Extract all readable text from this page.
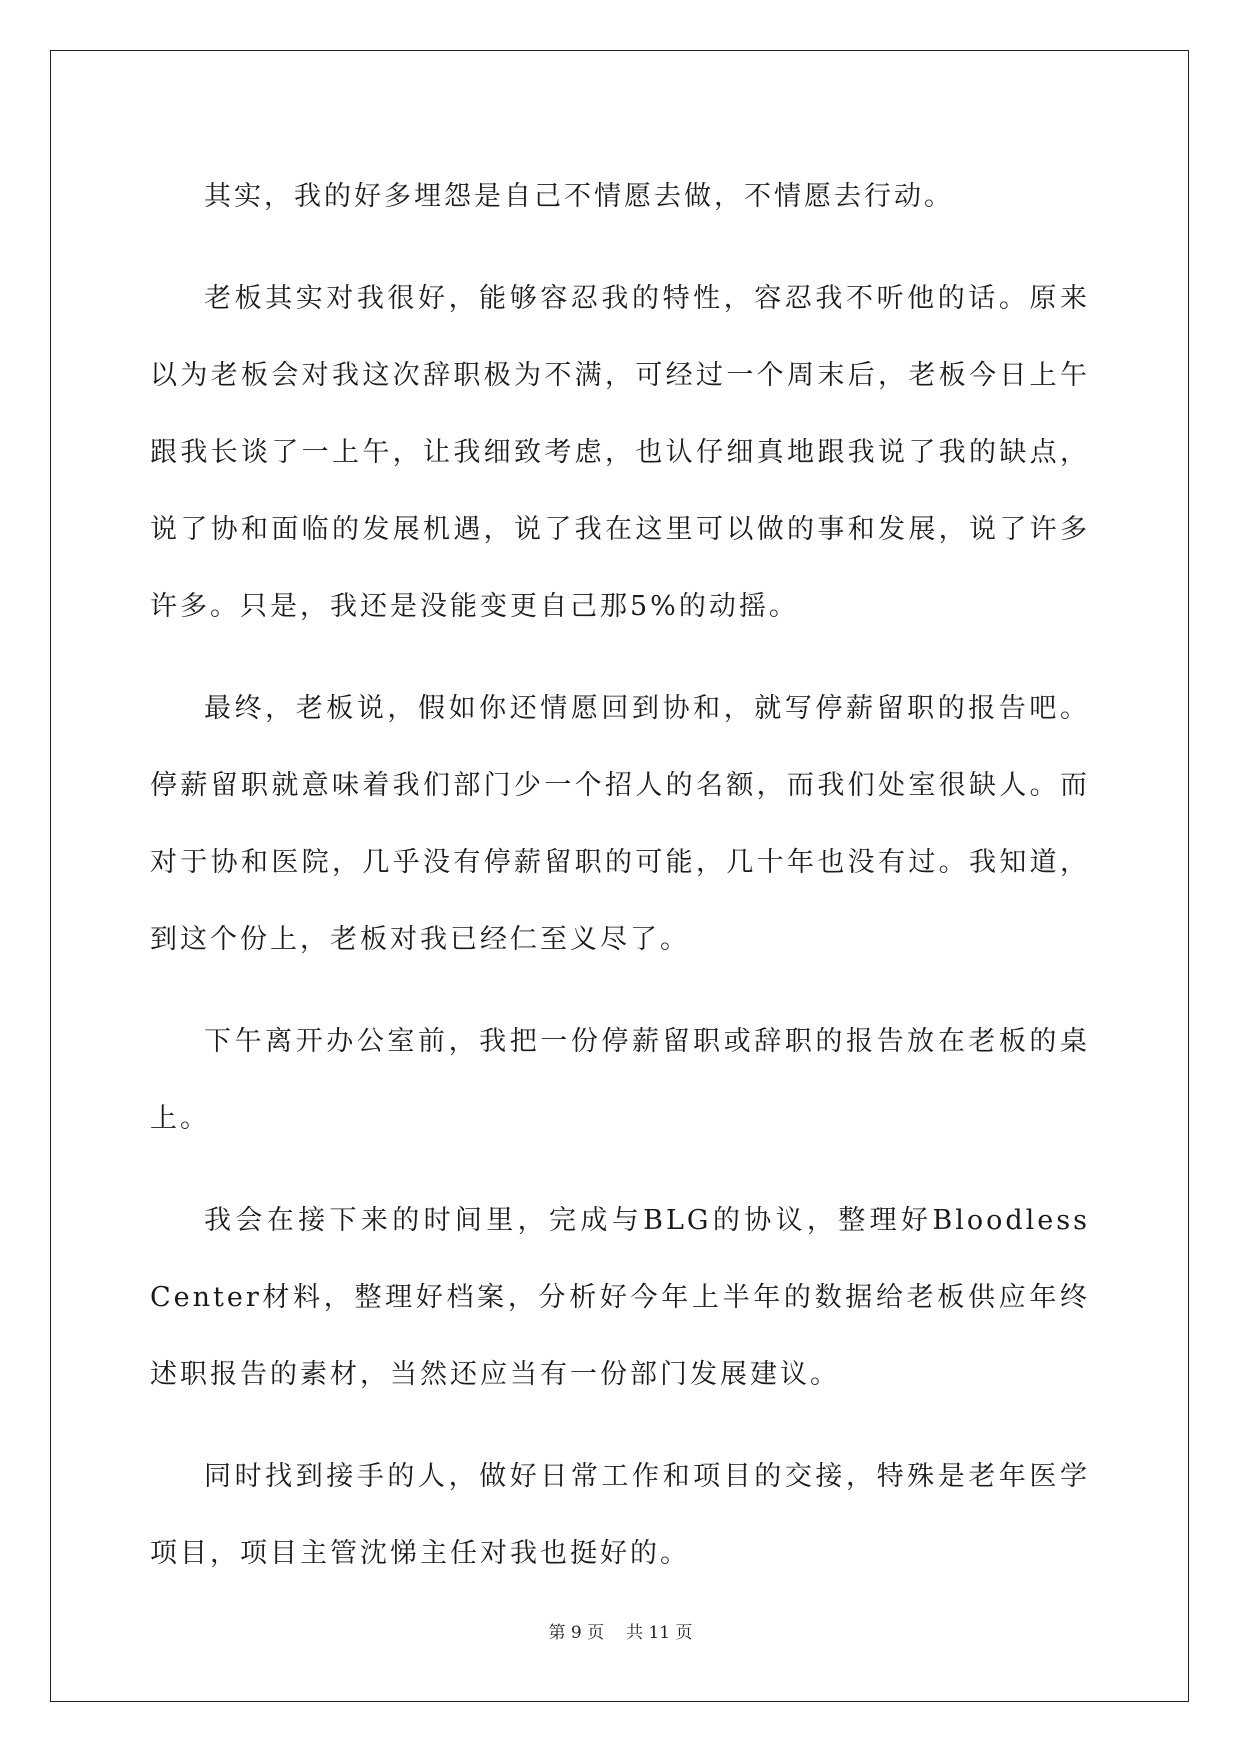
其实，我的好多埋怨是自己不情愿去做，不情愿去行动。

老板其实对我很好，能够容忍我的特性，容忍我不听他的话。原来以为老板会对我这次辞职极为不满，可经过一个周末后，老板今日上午跟我长谈了一上午，让我细致考虑，也认仔细真地跟我说了我的缺点，说了协和面临的发展机遇，说了我在这里可以做的事和发展，说了许多许多。只是，我还是没能变更自己那5%的动摇。

最终，老板说，假如你还情愿回到协和，就写停薪留职的报告吧。停薪留职就意味着我们部门少一个招人的名额，而我们处室很缺人。而对于协和医院，几乎没有停薪留职的可能，几十年也没有过。我知道，到这个份上，老板对我已经仁至义尽了。

下午离开办公室前，我把一份停薪留职或辞职的报告放在老板的桌上。

我会在接下来的时间里，完成与BLG的协议，整理好Bloodless Center材料，整理好档案，分析好今年上半年的数据给老板供应年终述职报告的素材，当然还应当有一份部门发展建议。

同时找到接手的人，做好日常工作和项目的交接，特殊是老年医学项目，项目主管沈悌主任对我也挺好的。

第 9 页 共 11 页
